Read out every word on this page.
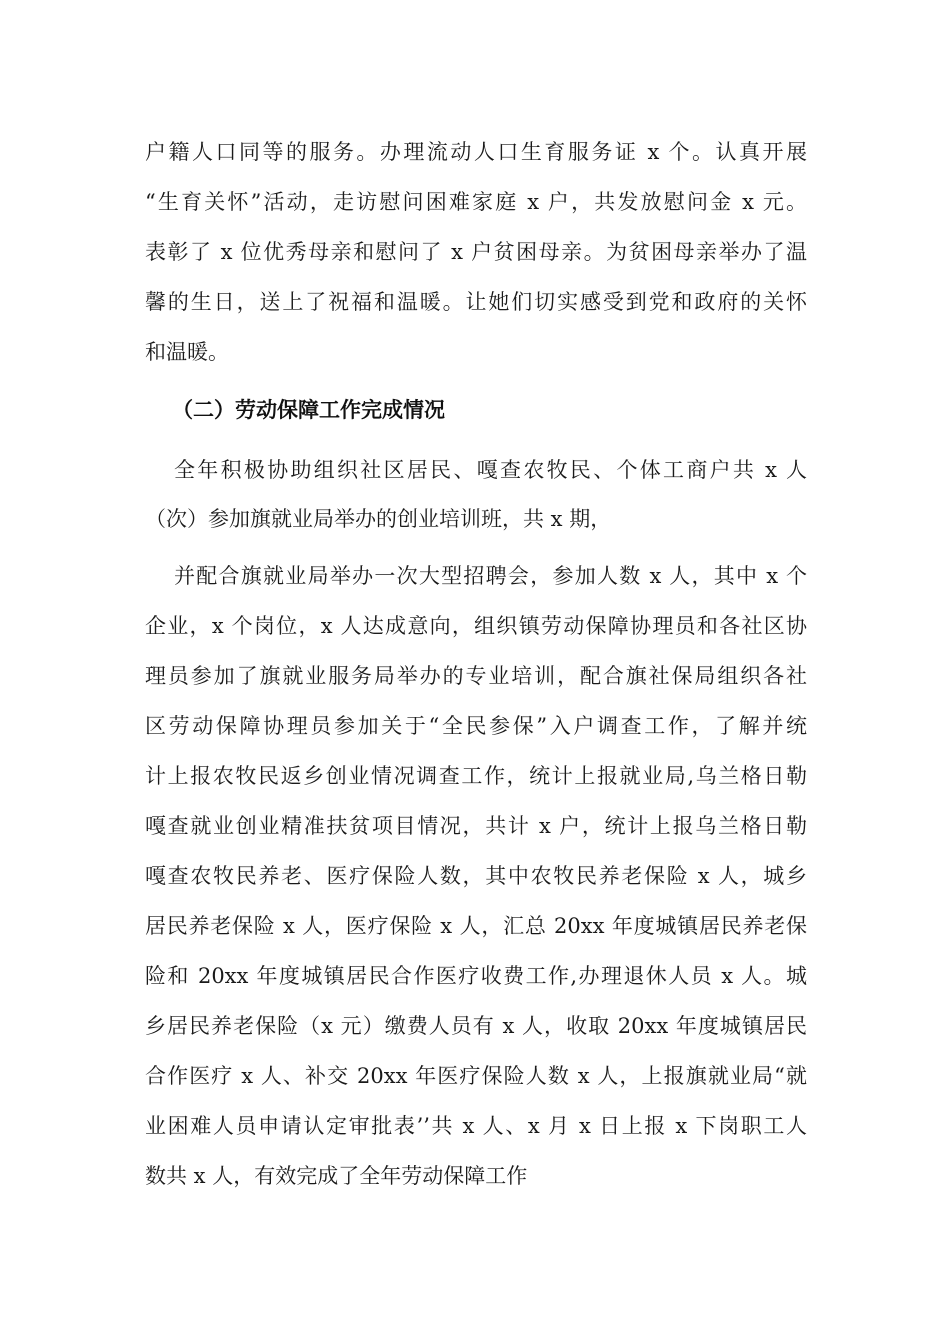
户籍人口同等的服务。办理流动人口生育服务证 x 个。认真开展
“生育关怀”活动，走访慰问困难家庭 x 户，共发放慰问金 x 元。
表彰了 x 位优秀母亲和慰问了 x 户贫困母亲。为贫困母亲举办了温
馨的生日，送上了祝福和温暖。让她们切实感受到党和政府的关怀
和温暖。
（二）劳动保障工作完成情况
全年积极协助组织社区居民、嘎查农牧民、个体工商户共 x 人
（次）参加旗就业局举办的创业培训班，共 x 期，
并配合旗就业局举办一次大型招聘会，参加人数 x 人，其中 x 个
企业，x 个岗位，x 人达成意向，组织镇劳动保障协理员和各社区协
理员参加了旗就业服务局举办的专业培训，配合旗社保局组织各社
区劳动保障协理员参加关于“全民参保”入户调查工作，了解并统
计上报农牧民返乡创业情况调查工作，统计上报就业局,乌兰格日勒
嘎查就业创业精准扶贫项目情况，共计 x 户，统计上报乌兰格日勒
嘎查农牧民养老、医疗保险人数，其中农牧民养老保险 x 人，城乡
居民养老保险 x 人，医疗保险 x 人，汇总 20xx 年度城镇居民养老保
险和 20xx 年度城镇居民合作医疗收费工作,办理退休人员 x 人。城
乡居民养老保险（x 元）缴费人员有 x 人，收取 20xx 年度城镇居民
合作医疗 x 人、补交 20xx 年医疗保险人数 x 人，上报旗就业局“就
业困难人员申请认定审批表’’共 x 人、x 月 x 日上报 x 下岗职工人
数共 x 人，有效完成了全年劳动保障工作
